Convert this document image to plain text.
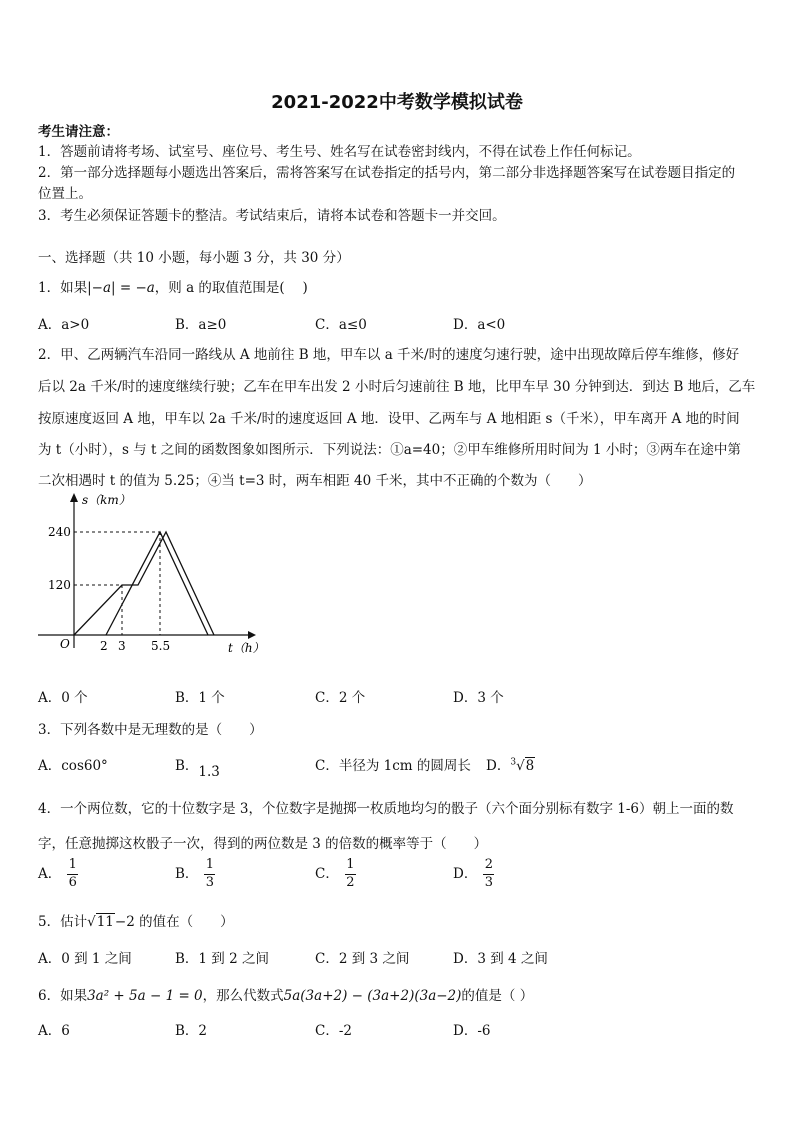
2021-2022中考数学模拟试卷
考生请注意：
1．答题前请将考场、试室号、座位号、考生号、姓名写在试卷密封线内，不得在试卷上作任何标记。
2．第一部分选择题每小题选出答案后，需将答案写在试卷指定的括号内，第二部分非选择题答案写在试卷题目指定的
位置上。
3．考生必须保证答题卡的整洁。考试结束后，请将本试卷和答题卡一并交回。
一、选择题（共 10 小题，每小题 3 分，共 30 分）
1．如果|−𝑎| = −𝑎，则 a 的取值范围是(　 )
A．a>0	B．a≥0	C．a≤0	D．a<0
2．甲、乙两辆汽车沿同一路线从 A 地前往 B 地，甲车以 a 千米/时的速度匀速行驶，途中出现故障后停车维修，修好
后以 2a 千米/时的速度继续行驶；乙车在甲车出发 2 小时后匀速前往 B 地，比甲车早 30 分钟到达．到达 B 地后，乙车
按原速度返回 A 地，甲车以 2a 千米/时的速度返回 A 地．设甲、乙两车与 A 地相距 s（千米），甲车离开 A 地的时间
为 t（小时），s 与 t 之间的函数图象如图所示．下列说法：①a=40；②甲车维修所用时间为 1 小时；③两车在途中第
二次相遇时 t 的值为 5.25；④当 t=3 时，两车相距 40 千米，其中不正确的个数为（　　）
s（km）
t（h）
O
240
120
2 3 5.5
A．0 个	B．1 个	C．2 个	D．3 个
3．下列各数中是无理数的是（　　）
A．cos60°	B．1.3̇	C．半径为 1cm 的圆周长 D．$^3$√8
4．一个两位数，它的十位数字是 3，个位数字是抛掷一枚质地均匀的骰子（六个面分别标有数字 1-6）朝上一面的数
字，任意抛掷这枚骰子一次，得到的两位数是 3 的倍数的概率等于（　　）
A． $\frac{1}{6}$	B． $\frac{1}{3}$	C． $\frac{1}{2}$	D． $\frac{2}{3}$
5．估计√11−2 的值在（　　）
A．0 到 1 之间	B．1 到 2 之间	C．2 到 3 之间	D．3 到 4 之间
6．如果3a² + 5a − 1 = 0，那么代数式5a(3a+2) − (3a+2)(3a−2)的值是（ ）
A．6	B．2	C．-2	D．-6
